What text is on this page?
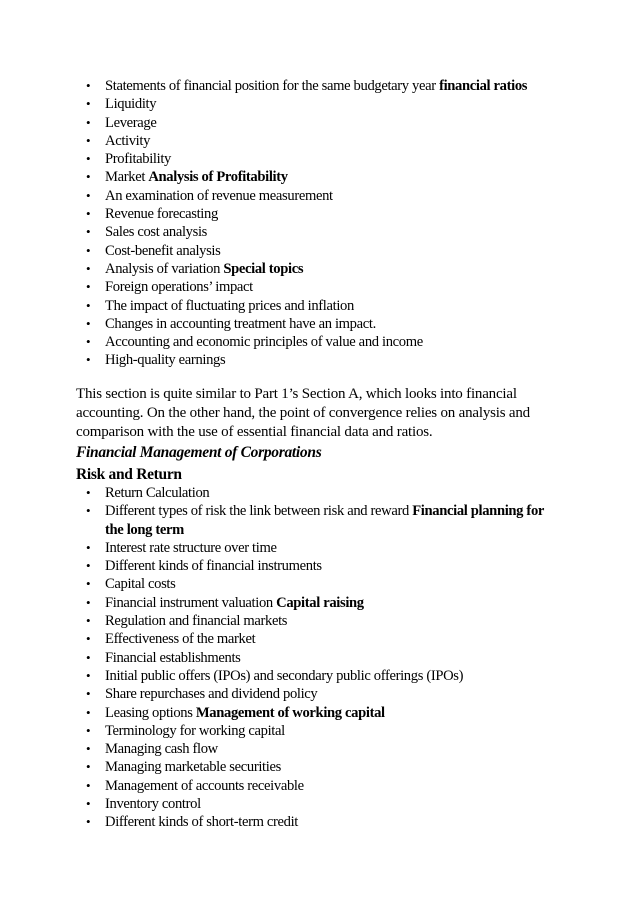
• Statements of financial position for the same budgetary year financial ratios
• Liquidity
• Leverage
• Activity
• Profitability
• Market Analysis of Profitability
• An examination of revenue measurement
• Revenue forecasting
• Sales cost analysis
• Cost-benefit analysis
• Analysis of variation Special topics
• Foreign operations’ impact
• The impact of fluctuating prices and inflation
• Changes in accounting treatment have an impact.
• Accounting and economic principles of value and income
• High-quality earnings
This section is quite similar to Part 1’s Section A, which looks into financial accounting. On the other hand, the point of convergence relies on analysis and comparison with the use of essential financial data and ratios.
Financial Management of Corporations
Risk and Return
• Return Calculation
• Different types of risk the link between risk and reward Financial planning for the long term
• Interest rate structure over time
• Different kinds of financial instruments
• Capital costs
• Financial instrument valuation Capital raising
• Regulation and financial markets
• Effectiveness of the market
• Financial establishments
• Initial public offers (IPOs) and secondary public offerings (IPOs)
• Share repurchases and dividend policy
• Leasing options Management of working capital
• Terminology for working capital
• Managing cash flow
• Managing marketable securities
• Management of accounts receivable
• Inventory control
• Different kinds of short-term credit
